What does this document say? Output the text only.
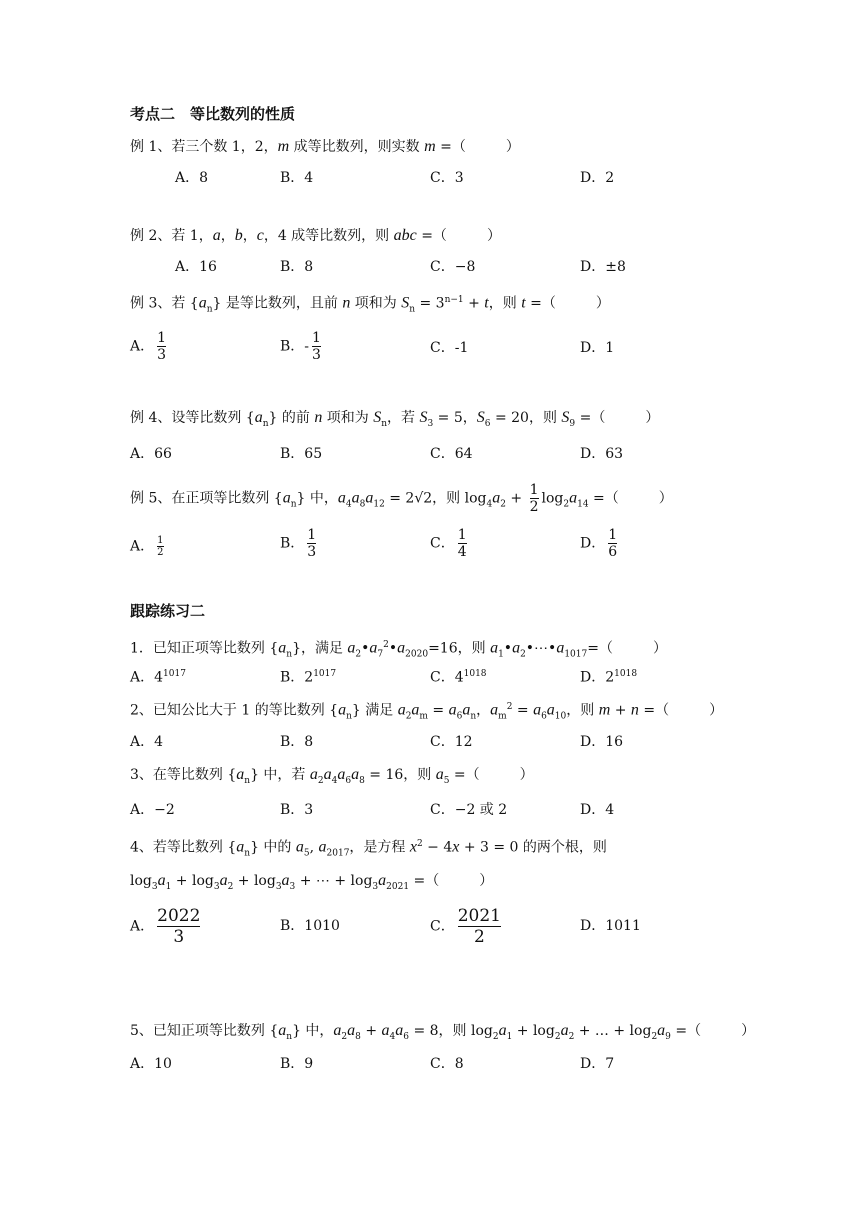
考点二　等比数列的性质
例 1、若三个数 1，2，m 成等比数列，则实数 m =（	）
A．8	B．4	C．3	D．2
例 2、若 1，a，b，c，4 成等比数列，则 abc =（	）
A．16	B．8	C．−8	D．±8
例 3、若 $\{a_n\}$ 是等比数列，且前 n 项和为 $S_n = 3^{n-1} + t$，则 t =（	）
A． $\frac{1}{3}$	B．- $\frac{1}{3}$	C．-1	D．1
例 4、设等比数列 $\{a_n\}$ 的前 n 项和为 $S_n$，若 $S_3 = 5$，$S_6 = 20$，则 $S_9$ =（	）
A．66	B．65	C．64	D．63
例 5、在正项等比数列 $\{a_n\}$ 中，$a_4a_8a_{12} = 2√2$，则 $\log_4a_2 + \frac{1}{2} \log_2a_{14}$ =（	）
A． $\frac{1}{2}$	B． $\frac{1}{3}$	C． $\frac{1}{4}$	D． $\frac{1}{6}$
跟踪练习二
1．已知正项等比数列 $\{a_n\}$，满足 $a_2•a_7^2•a_{2020}=16$，则 $a_1•a_2•\cdots•a_{1017}=$（	）
A．$4^{1017}$	B．$2^{1017}$	C．$4^{1018}$	D．$2^{1018}$
2、已知公比大于 1 的等比数列 $\{a_n\}$ 满足 $a_2a_m = a_6a_n$，$a_m^2 = a_6a_{10}$，则 m + n =（	）
A．4	B．8	C．12	D．16
3、在等比数列 $\{a_n\}$ 中，若 $a_2a_4a_6a_8 = 16$，则 $a_5$ =（	）
A．−2	B．3	C．−2 或 2	D．4
4、若等比数列 $\{a_n\}$ 中的 $a_5$, $a_{2017}$，是方程 $x^2 - 4x + 3 = 0$ 的两个根，则
$\log_3a_1 + \log_3a_2 + \log_3a_3$ + ⋯ + $\log_3a_{2021}$ =（	）
A． $\frac{2022}{3}$	B．1010	C． $\frac{2021}{2}$	D．1011
5、已知正项等比数列 $\{a_n\}$ 中，$a_2a_8 + a_4a_6 = 8$，则 $\log_2a_1 + \log_2a_2$ + … + $\log_2a_9$ =（	）
A．10	B．9	C．8	D．7
